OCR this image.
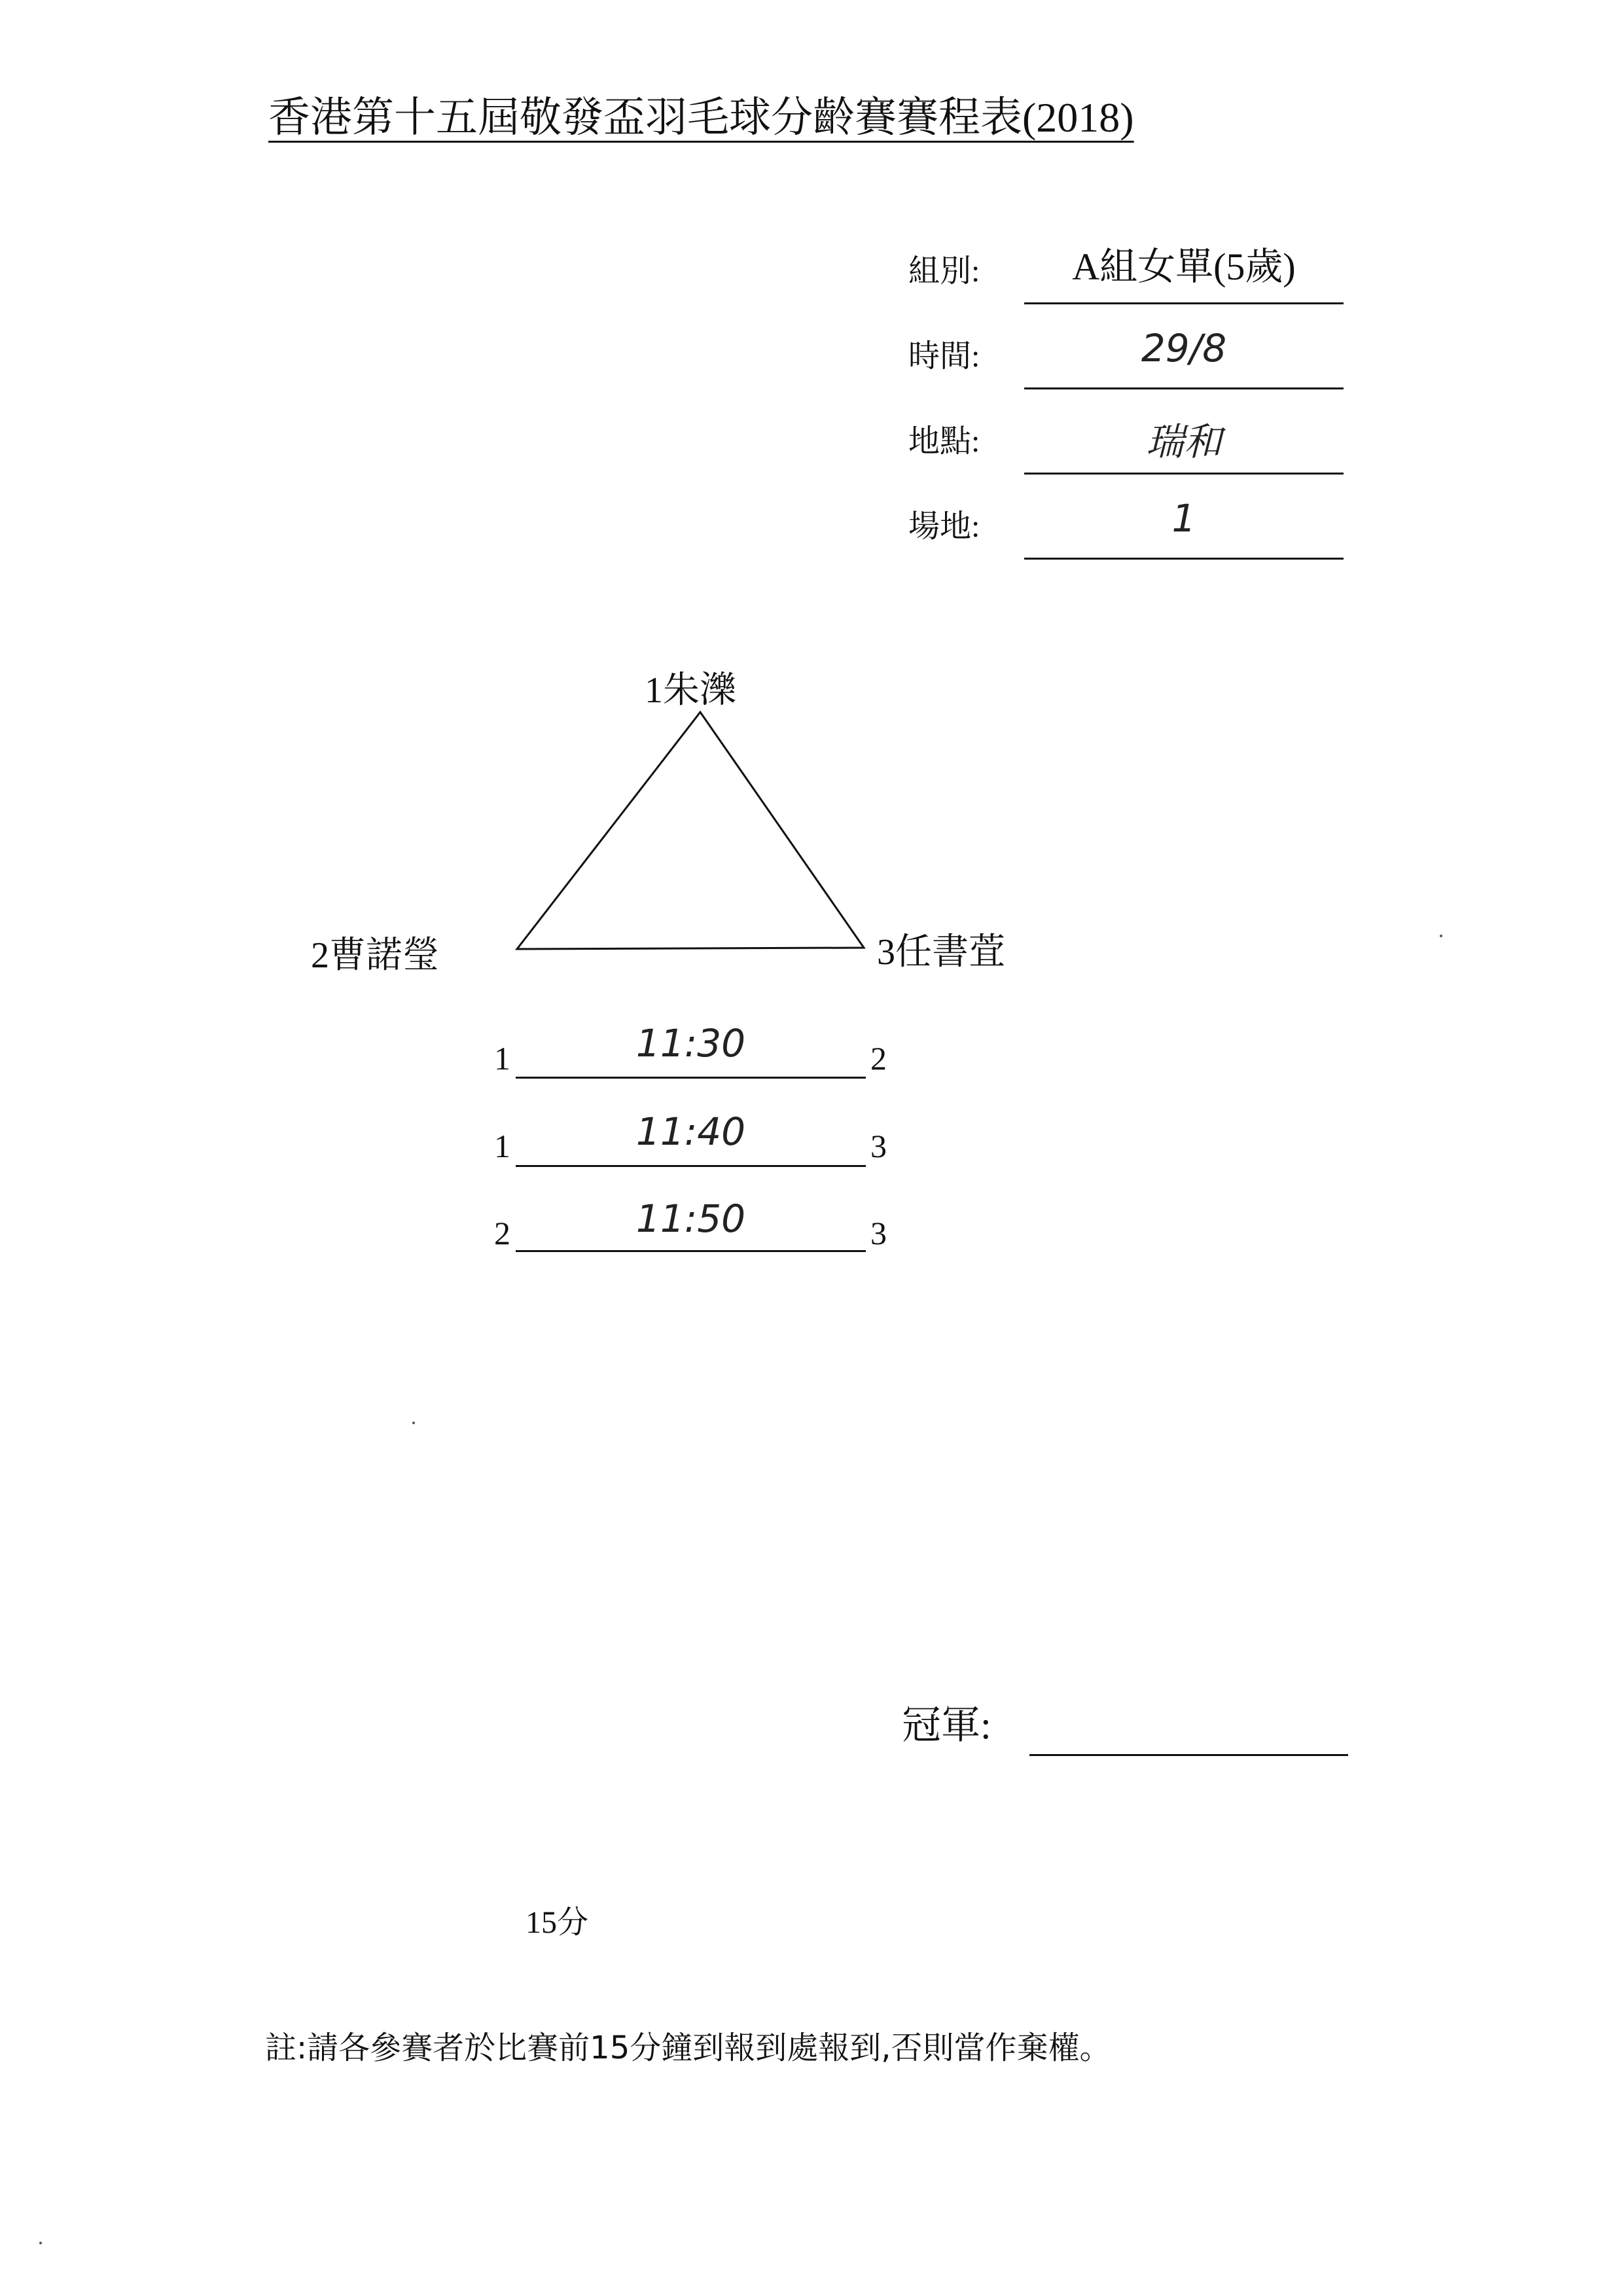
香港第十五屆敬發盃羽毛球分齡賽賽程表(2018)
組別:	A組女單(5歲)
時間:	29/8
地點:	瑞和
場地:	1
1朱濼
2曹諾瑩	3任書萓
1	11:30	2
1	11:40	3
2	11:50	3
冠軍:
15分
註:請各參賽者於比賽前15分鐘到報到處報到,否則當作棄權。
